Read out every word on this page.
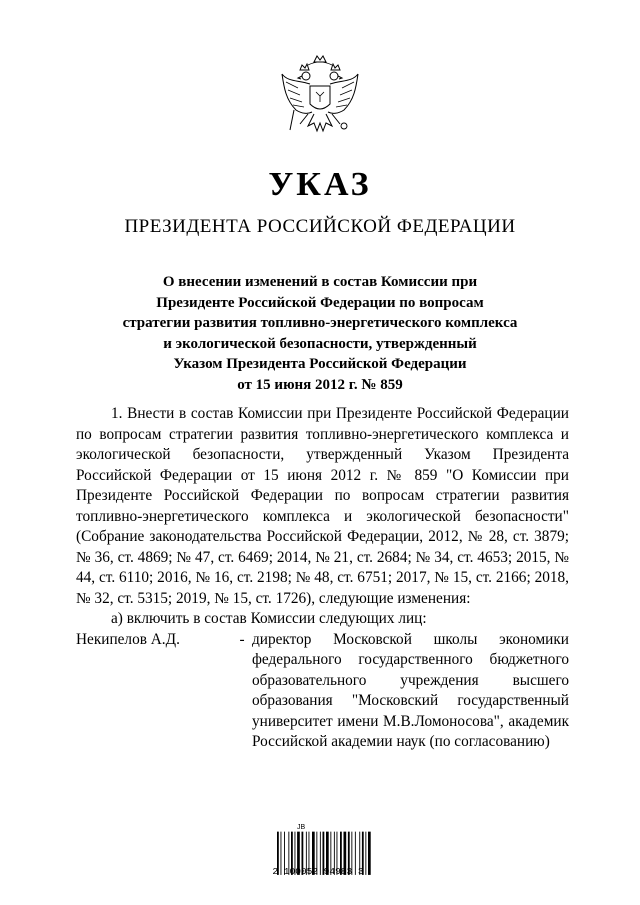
УКАЗ
ПРЕЗИДЕНТА РОССИЙСКОЙ ФЕДЕРАЦИИ
О внесении изменений в состав Комиссии при
Президенте Российской Федерации по вопросам
стратегии развития топливно-энергетического комплекса
и экологической безопасности, утвержденный
Указом Президента Российской Федерации
от 15 июня 2012 г. № 859

1. Внести в состав Комиссии при Президенте Российской Федерации по вопросам стратегии развития топливно-энергетического комплекса и экологической безопасности, утвержденный Указом Президента Российской Федерации от 15 июня 2012 г. № 859 "О Комиссии при Президенте Российской Федерации по вопросам стратегии развития топливно-энергетического комплекса и экологической безопасности" (Собрание законодательства Российской Федерации, 2012, № 28, ст. 3879; № 36, ст. 4869; № 47, ст. 6469; 2014, № 21, ст. 2684; № 34, ст. 4653; 2015, № 44, ст. 6110; 2016, № 16, ст. 2198; № 48, ст. 6751; 2017, № 15, ст. 2166; 2018, № 32, ст. 5315; 2019, № 15, ст. 1726), следующие изменения:

а) включить в состав Комиссии следующих лиц:

Некипелов А.Д.	- директор Московской школы экономики федерального государственного бюджетного образовательного учреждения высшего образования "Московский государственный университет имени М.В.Ломоносова", академик Российской академии наук (по согласованию)
JB
2 100052 94983 3
